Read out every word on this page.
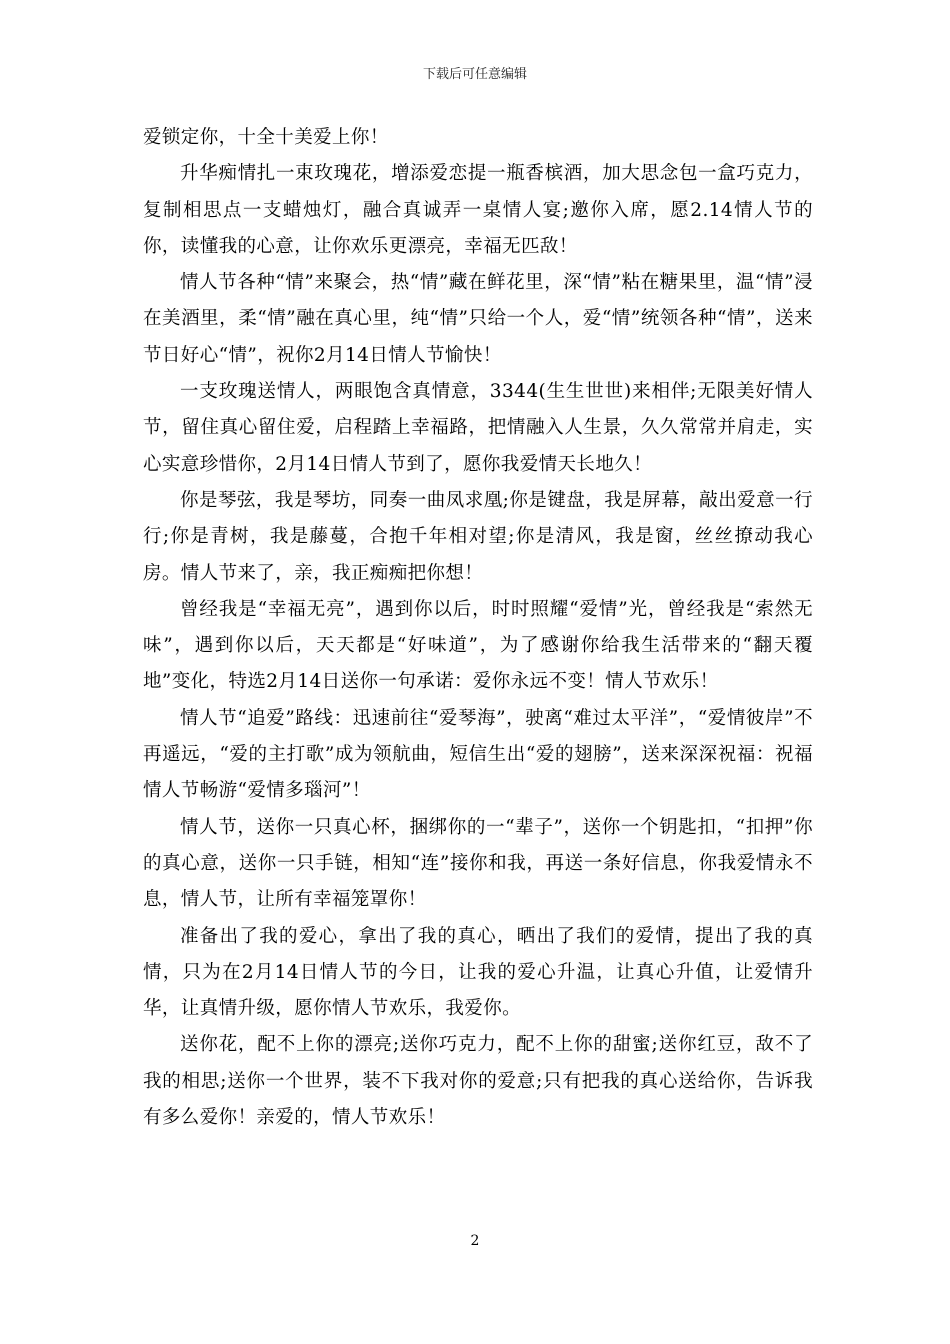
下载后可任意编辑

爱锁定你，十全十美爱上你！

升华痴情扎一束玫瑰花，增添爱恋提一瓶香槟酒，加大思念包一盒巧克力，复制相思点一支蜡烛灯，融合真诚弄一桌情人宴;邀你入席，愿2.14情人节的你，读懂我的心意，让你欢乐更漂亮，幸福无匹敌！

情人节各种“情”来聚会，热“情”藏在鲜花里，深“情”粘在糖果里，温“情”浸在美酒里，柔“情”融在真心里，纯“情”只给一个人，爱“情”统领各种“情”，送来节日好心“情”，祝你2月14日情人节愉快！

一支玫瑰送情人，两眼饱含真情意，3344(生生世世)来相伴;无限美好情人节，留住真心留住爱，启程踏上幸福路，把情融入人生景，久久常常并肩走，实心实意珍惜你，2月14日情人节到了，愿你我爱情天长地久！

你是琴弦，我是琴坊，同奏一曲凤求凰;你是键盘，我是屏幕，敲出爱意一行行;你是青树，我是藤蔓，合抱千年相对望;你是清风，我是窗，丝丝撩动我心房。情人节来了，亲，我正痴痴把你想！

曾经我是“幸福无亮”，遇到你以后，时时照耀“爱情”光，曾经我是“索然无味”，遇到你以后，天天都是“好味道”，为了感谢你给我生活带来的“翻天覆地”变化，特选2月14日送你一句承诺：爱你永远不变！情人节欢乐！

情人节“追爱”路线：迅速前往“爱琴海”，驶离“难过太平洋”，“爱情彼岸”不再遥远，“爱的主打歌”成为领航曲，短信生出“爱的翅膀”，送来深深祝福：祝福情人节畅游“爱情多瑙河”！

情人节，送你一只真心杯，捆绑你的一“辈子”，送你一个钥匙扣，“扣押”你的真心意，送你一只手链，相知“连”接你和我，再送一条好信息，你我爱情永不息，情人节，让所有幸福笼罩你！

准备出了我的爱心，拿出了我的真心，晒出了我们的爱情，提出了我的真情，只为在2月14日情人节的今日，让我的爱心升温，让真心升值，让爱情升华，让真情升级，愿你情人节欢乐，我爱你。

送你花，配不上你的漂亮;送你巧克力，配不上你的甜蜜;送你红豆，敌不了我的相思;送你一个世界，装不下我对你的爱意;只有把我的真心送给你，告诉我有多么爱你！亲爱的，情人节欢乐！

2
